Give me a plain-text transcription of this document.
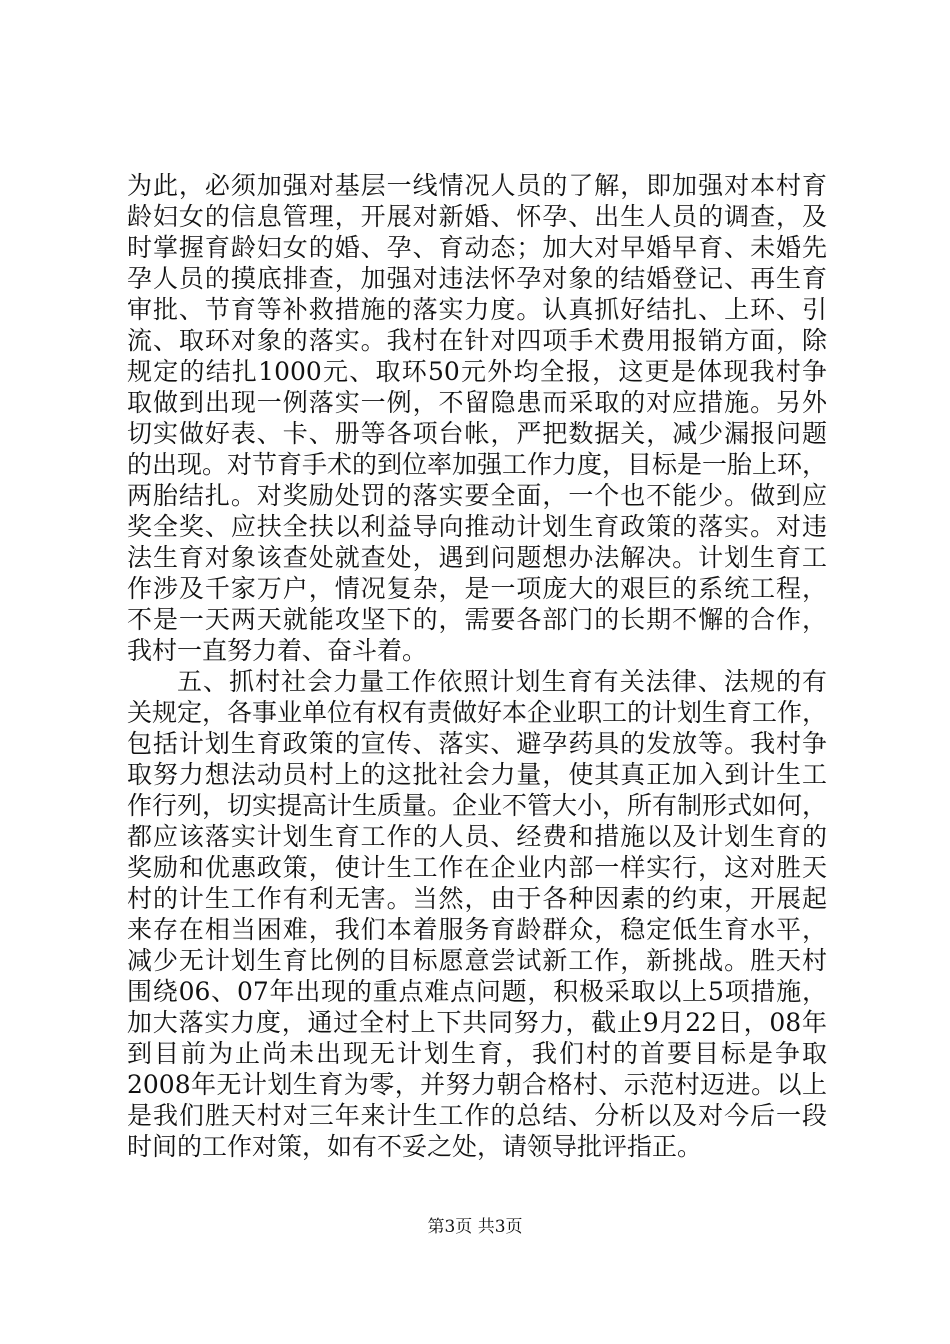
为此，必须加强对基层一线情况人员的了解，即加强对本村育
龄妇女的信息管理，开展对新婚、怀孕、出生人员的调查，及
时掌握育龄妇女的婚、孕、育动态；加大对早婚早育、未婚先
孕人员的摸底排查，加强对违法怀孕对象的结婚登记、再生育
审批、节育等补救措施的落实力度。认真抓好结扎、上环、引
流、取环对象的落实。我村在针对四项手术费用报销方面，除
规定的结扎1000元、取环50元外均全报，这更是体现我村争
取做到出现一例落实一例，不留隐患而采取的对应措施。另外
切实做好表、卡、册等各项台帐，严把数据关，减少漏报问题
的出现。对节育手术的到位率加强工作力度，目标是一胎上环，
两胎结扎。对奖励处罚的落实要全面，一个也不能少。做到应
奖全奖、应扶全扶以利益导向推动计划生育政策的落实。对违
法生育对象该查处就查处，遇到问题想办法解决。计划生育工
作涉及千家万户，情况复杂，是一项庞大的艰巨的系统工程，
不是一天两天就能攻坚下的，需要各部门的长期不懈的合作，
我村一直努力着、奋斗着。
五、抓村社会力量工作依照计划生育有关法律、法规的有
关规定，各事业单位有权有责做好本企业职工的计划生育工作，
包括计划生育政策的宣传、落实、避孕药具的发放等。我村争
取努力想法动员村上的这批社会力量，使其真正加入到计生工
作行列，切实提高计生质量。企业不管大小，所有制形式如何，
都应该落实计划生育工作的人员、经费和措施以及计划生育的
奖励和优惠政策，使计生工作在企业内部一样实行，这对胜天
村的计生工作有利无害。当然，由于各种因素的约束，开展起
来存在相当困难，我们本着服务育龄群众，稳定低生育水平，
减少无计划生育比例的目标愿意尝试新工作，新挑战。胜天村
围绕06、07年出现的重点难点问题，积极采取以上5项措施，
加大落实力度，通过全村上下共同努力，截止9月22日，08年
到目前为止尚未出现无计划生育，我们村的首要目标是争取
2008年无计划生育为零，并努力朝合格村、示范村迈进。以上
是我们胜天村对三年来计生工作的总结、分析以及对今后一段
时间的工作对策，如有不妥之处，请领导批评指正。
第3页 共3页
